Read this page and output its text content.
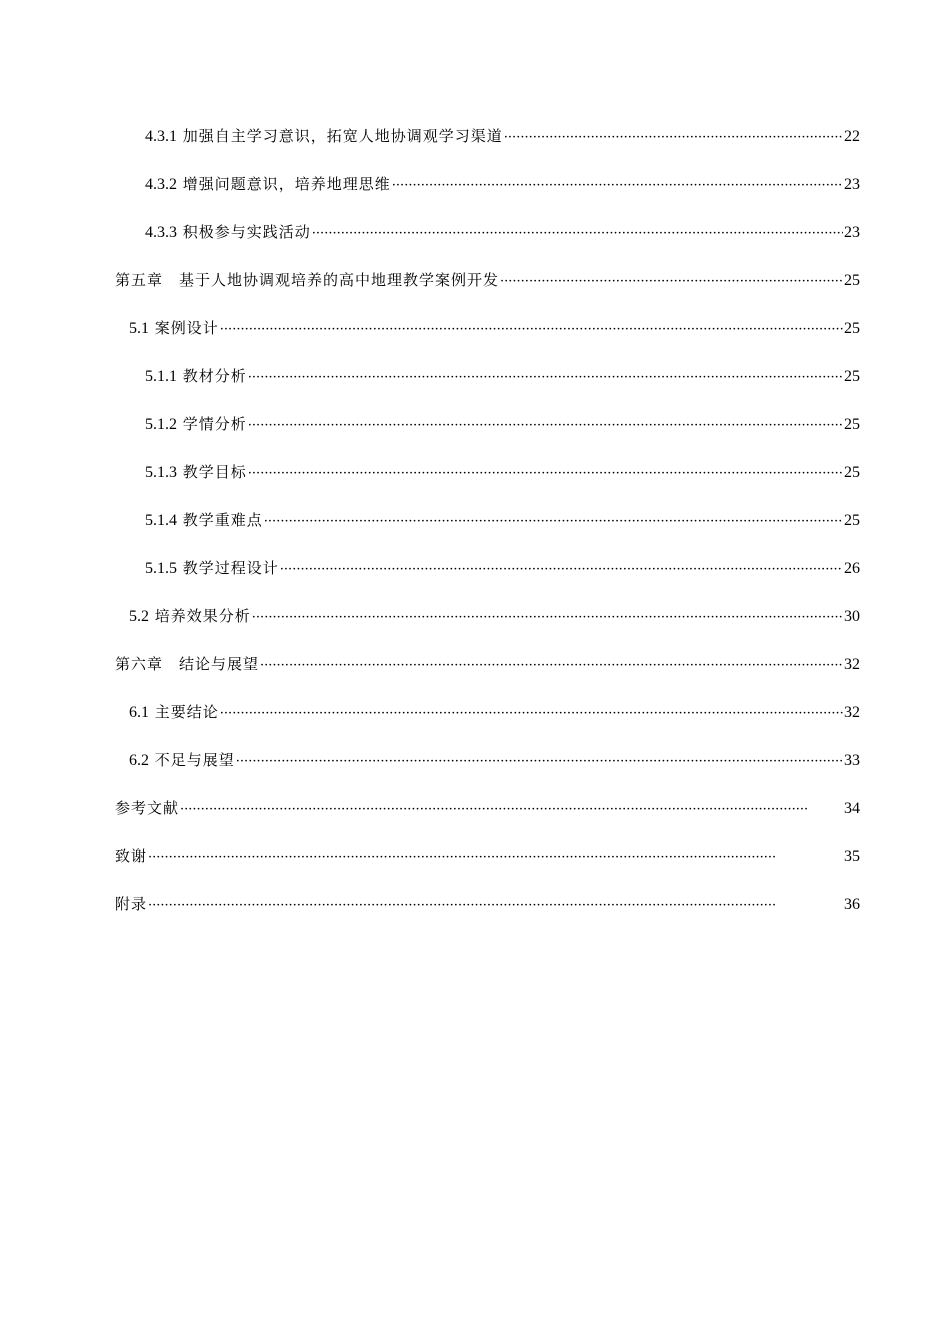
4.3.1 加强自主学习意识，拓宽人地协调观学习渠道 ·····	22
4.3.2 增强问题意识，培养地理思维 ·····	23
4.3.3 积极参与实践活动 ·····	23
第五章　基于人地协调观培养的高中地理教学案例开发 ·····	25
5.1 案例设计 ·····	25
5.1.1 教材分析 ·····	25
5.1.2 学情分析 ·····	25
5.1.3 教学目标 ·····	25
5.1.4 教学重难点 ·····	25
5.1.5 教学过程设计 ·····	26
5.2 培养效果分析 ·····	30
第六章　结论与展望 ·····	32
6.1 主要结论 ·····	32
6.2 不足与展望 ·····	33
参考文献 ·····	34
致谢 ·····	35
附录 ·····	36
